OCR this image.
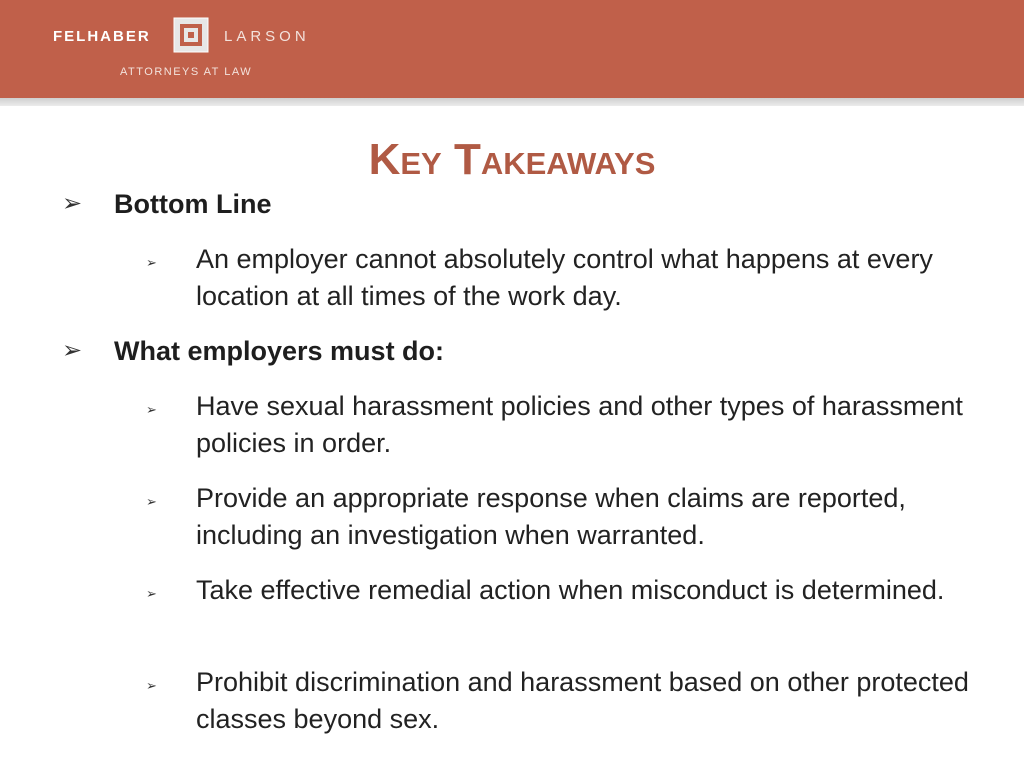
FELHABER	LARSON
ATTORNEYS AT LAW
Key Takeaways
➢ Bottom Line
➢ An employer cannot absolutely control what happens at every location at all times of the work day.
➢ What employers must do:
➢ Have sexual harassment policies and other types of harassment policies in order.
➢ Provide an appropriate response when claims are reported, including an investigation when warranted.
➢ Take effective remedial action when misconduct is determined.
➢ Prohibit discrimination and harassment based on other protected classes beyond sex.
